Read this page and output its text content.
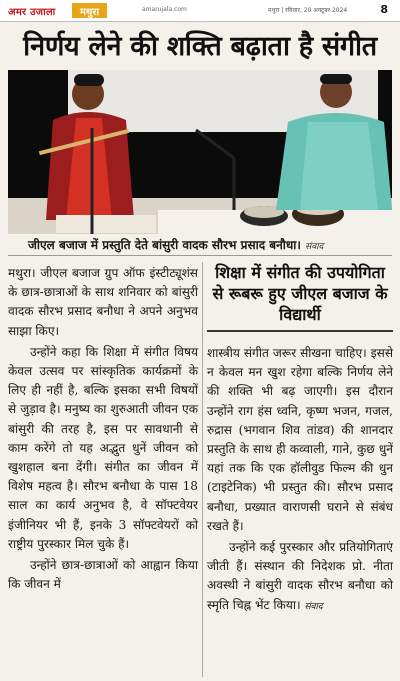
अमर उजाला	मथुरा	amarujala.com	मथुरा | रविवार, 20 अक्टूबर 2024	8
निर्णय लेने की शक्ति बढ़ाता है संगीत
जीएल बजाज में प्रस्तुति देते बांसुरी वादक सौरभ प्रसाद बनौधा। संवाद

मथुरा। जीएल बजाज ग्रुप ऑफ इंस्टीट्यूशंस के छात्र-छात्राओं के साथ शनिवार को बांसुरी वादक सौरभ प्रसाद बनौधा ने अपने अनुभव साझा किए।

उन्होंने कहा कि शिक्षा में संगीत विषय केवल उत्सव पर सांस्कृतिक कार्यक्रमों के लिए ही नहीं है, बल्कि इसका सभी विषयों से जुड़ाव है। मनुष्य का शुरुआती जीवन एक बांसुरी की तरह है, इस पर सावधानी से काम करेंगे तो यह अद्भुत धुनें जीवन को खुशहाल बना देंगी। संगीत का जीवन में विशेष महत्व है। सौरभ बनौधा के पास 18 साल का कार्य अनुभव है, वे सॉफ्टवेयर इंजीनियर भी हैं, इनके 3 सॉफ्टवेयरों को राष्ट्रीय पुरस्कार मिल चुके हैं।

उन्होंने छात्र-छात्राओं को आह्वान किया कि जीवन में

शिक्षा में संगीत की उपयोगिता से रूबरू हुए जीएल बजाज के विद्यार्थी

शास्त्रीय संगीत जरूर सीखना चाहिए। इससे न केवल मन खुश रहेगा बल्कि निर्णय लेने की शक्ति भी बढ़ जाएगी। इस दौरान उन्होंने राग हंस ध्वनि, कृष्ण भजन, गजल, रुद्रास (भगवान शिव तांडव) की शानदार प्रस्तुति के साथ ही कव्वाली, गाने, कुछ धुनें यहां तक कि एक हॉलीवुड फिल्म की धुन (टाइटेनिक) भी प्रस्तुत की। सौरभ प्रसाद बनौधा, प्रख्यात वाराणसी घराने से संबंध रखते हैं।

उन्होंने कई पुरस्कार और प्रतियोगिताएं जीती हैं। संस्थान की निदेशक प्रो. नीता अवस्थी ने बांसुरी वादक सौरभ बनौधा को स्मृति चिह्न भेंट किया। संवाद
